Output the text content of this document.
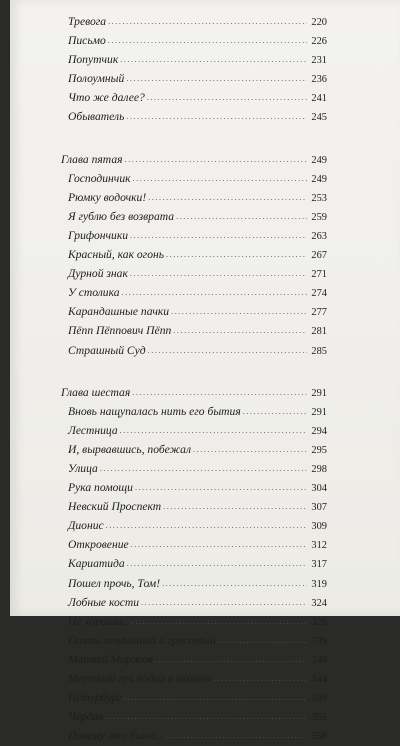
Тревога .....	220
Письмо .....	226
Попутчик .....	231
Полоумный .....	236
Что же далее? .....	241
Обыватель .....	245
Глава пятая .....	249
Господинчик .....	249
Рюмку водочки! .....	253
Я гублю без возврата .....	259
Грифончики .....	263
Красный, как огонь .....	267
Дурной знак .....	271
У столика .....	274
Карандашные пачки .....	277
Пёпп Пёппович Пёпп .....	281
Страшный Суд .....	285
Глава шестая .....	291
Вновь нащупалась нить его бытия .....	291
Лестница .....	294
И, вырвавшись, побежал .....	295
Улица .....	298
Рука помощи .....	304
Невский Проспект .....	307
Дионис .....	309
Откровение .....	312
Кариатида .....	317
Пошел прочь, Том! .....	319
Лобные кости .....	324
Не хорошо... .....	328
Опять печальный и грустный .....	339
Матвей Моржов .....	340
Мертвый луч падал в окошко .....	344
Петербург .....	349
Чердак .....	355
Почему это было... .....	358
